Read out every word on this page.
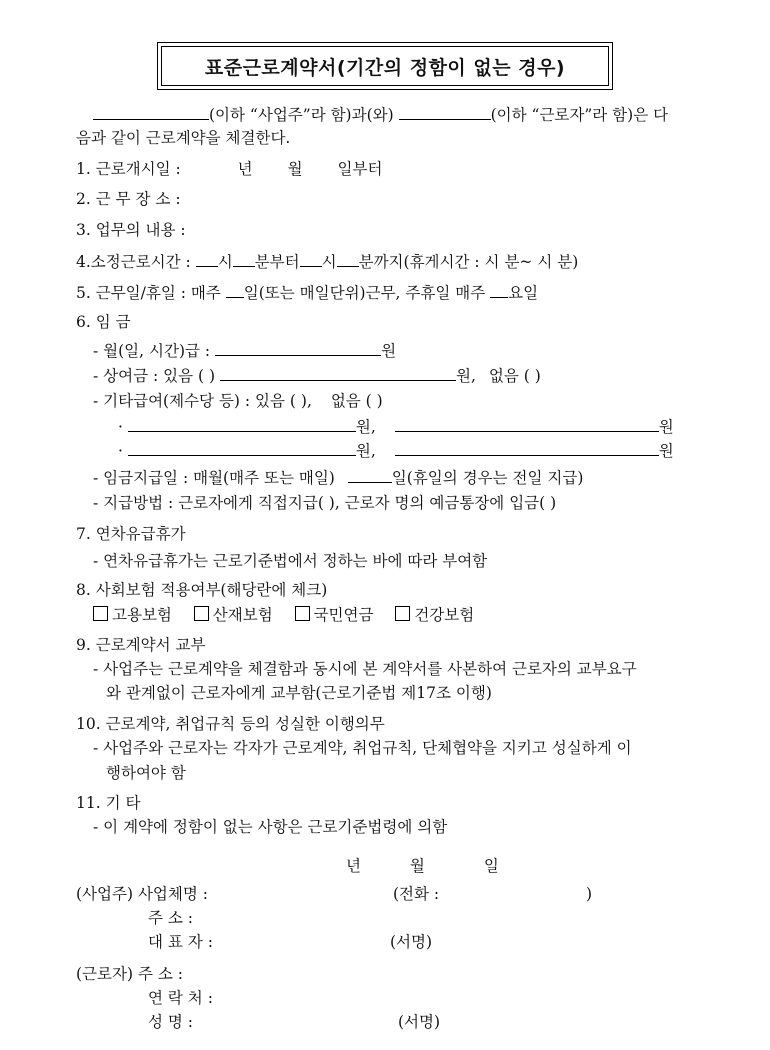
표준근로계약서(기간의 정함이 없는 경우)
(이하 “사업주”라 함)과(와)	(이하 “근로자”라 함)은 다
음과 같이 근로계약을 체결한다.
1. 근로개시일 :	년 월 일부터
2. 근 무 장 소 :
3. 업무의 내용 :
4.소정근로시간 : 시 분부터 시 분까지(휴게시간 : 시 분~ 시 분)
5. 근무일/휴일 : 매주 일(또는 매일단위)근무, 주휴일 매주 요일
6. 임 금
- 월(일, 시간)급 :	원
- 상여금 : 있음 ( )	원, 없음 ( )
- 기타급여(제수당 등) : 있음 ( ), 없음 ( )
·	원,	원
·	원,	원
- 임금지급일 : 매월(매주 또는 매일)	일(휴일의 경우는 전일 지급)
- 지급방법 : 근로자에게 직접지급( ), 근로자 명의 예금통장에 입금( )
7. 연차유급휴가
- 연차유급휴가는 근로기준법에서 정하는 바에 따라 부여함
8. 사회보험 적용여부(해당란에 체크)
고용보험	산재보험	국민연금	건강보험
9. 근로계약서 교부
- 사업주는 근로계약을 체결함과 동시에 본 계약서를 사본하여 근로자의 교부요구
와 관계없이 근로자에게 교부함(근로기준법 제17조 이행)
10. 근로계약, 취업규칙 등의 성실한 이행의무
- 사업주와 근로자는 각자가 근로계약, 취업규칙, 단체협약을 지키고 성실하게 이
행하여야 함
11. 기 타
- 이 계약에 정함이 없는 사항은 근로기준법령에 의함
년	월	일
(사업주) 사업체명 :	(전화 :	)
주 소 :
대 표 자 :	(서명)
(근로자) 주 소 :
연 락 처 :
성 명 :	(서명)
